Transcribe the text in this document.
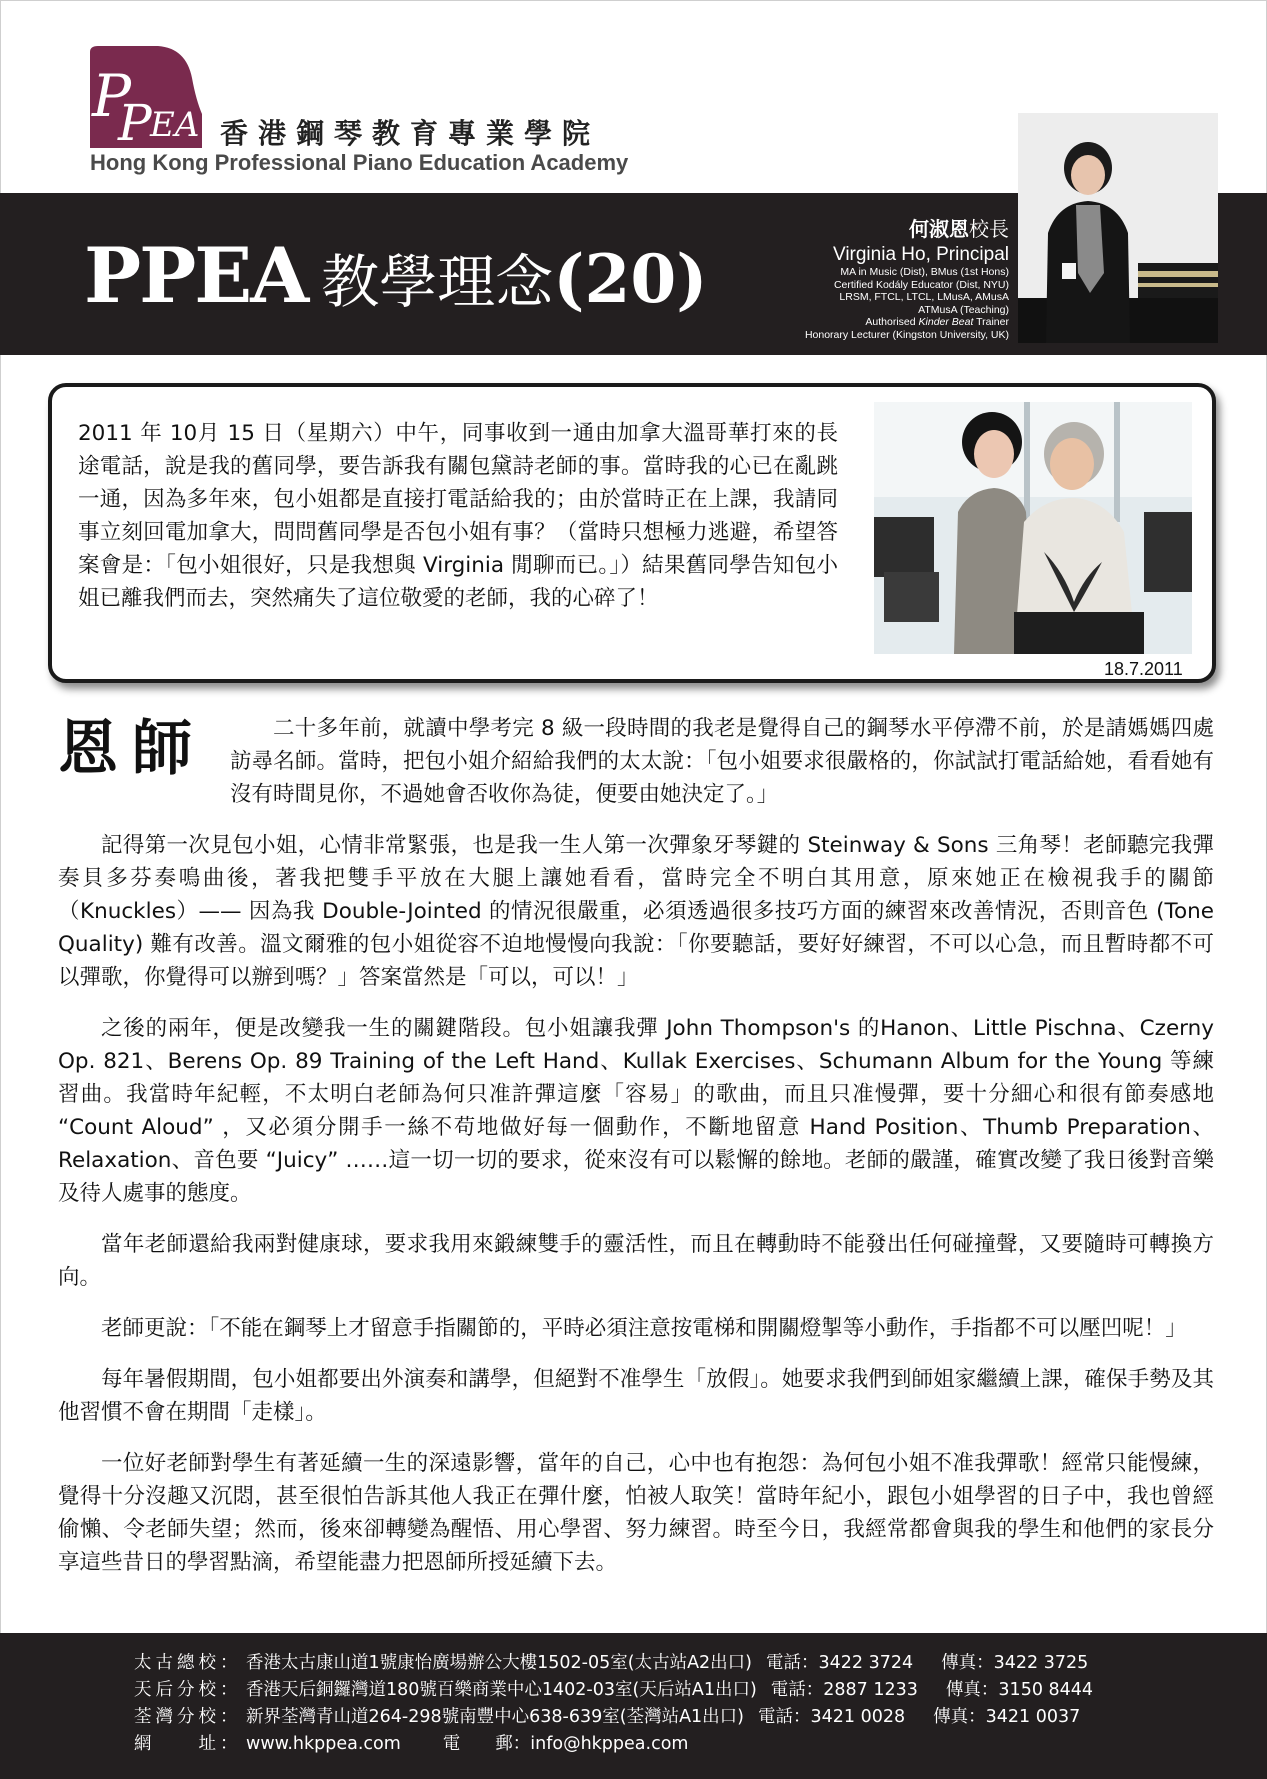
P
P
EA 香港鋼琴教育專業學院
Hong Kong Professional Piano Education Academy
PPEA 教學理念 (20)
何淑恩校長
Virginia Ho, Principal
MA in Music (Dist), BMus (1st Hons)
Certified Kodály Educator (Dist, NYU)
LRSM, FTCL, LTCL, LMusA, AMusA
ATMusA (Teaching)
Authorised Kinder Beat Trainer
Honorary Lecturer (Kingston University, UK)
2011 年 10月 15 日（星期六）中午，同事收到一通由加拿大溫哥華打來的長途電話，說是我的舊同學，要告訴我有關包黛詩老師的事。當時我的心已在亂跳一通，因為多年來，包小姐都是直接打電話給我的；由於當時正在上課，我請同事立刻回電加拿大，問問舊同學是否包小姐有事？（當時只想極力逃避，希望答案會是：「包小姐很好，只是我想與 Virginia 閒聊而已。」）結果舊同學告知包小姐已離我們而去，突然痛失了這位敬愛的老師，我的心碎了！
18.7.2011
恩師	二十多年前，就讀中學考完 8 級一段時間的我老是覺得自己的鋼琴水平停滯不前，於是請媽媽四處訪尋名師。當時，把包小姐介紹給我們的太太說：「包小姐要求很嚴格的，你試試打電話給她，看看她有沒有時間見你，不過她會否收你為徒，便要由她決定了。」

記得第一次見包小姐，心情非常緊張，也是我一生人第一次彈象牙琴鍵的 Steinway & Sons 三角琴！老師聽完我彈奏貝多芬奏鳴曲後，著我把雙手平放在大腿上讓她看看，當時完全不明白其用意，原來她正在檢視我手的關節（Knuckles）—— 因為我 Double-Jointed 的情況很嚴重，必須透過很多技巧方面的練習來改善情況，否則音色 (Tone Quality) 難有改善。溫文爾雅的包小姐從容不迫地慢慢向我說：「你要聽話，要好好練習，不可以心急，而且暫時都不可以彈歌，你覺得可以辦到嗎？」答案當然是「可以，可以！」

之後的兩年，便是改變我一生的關鍵階段。包小姐讓我彈 John Thompson's 的Hanon、Little Pischna、Czerny Op. 821、Berens Op. 89 Training of the Left Hand、Kullak Exercises、Schumann Album for the Young 等練習曲。我當時年紀輕，不太明白老師為何只准許彈這麼「容易」的歌曲，而且只准慢彈，要十分細心和很有節奏感地 “Count Aloud” ，又必須分開手一絲不苟地做好每一個動作，不斷地留意 Hand Position、Thumb Preparation、Relaxation、音色要 “Juicy” ……這一切一切的要求，從來沒有可以鬆懈的餘地。老師的嚴謹，確實改變了我日後對音樂及待人處事的態度。

當年老師還給我兩對健康球，要求我用來鍛練雙手的靈活性，而且在轉動時不能發出任何碰撞聲，又要隨時可轉換方向。

老師更說：「不能在鋼琴上才留意手指關節的，平時必須注意按電梯和開關燈掣等小動作，手指都不可以壓凹呢！」

每年暑假期間，包小姐都要出外演奏和講學，但絕對不准學生「放假」。她要求我們到師姐家繼續上課，確保手勢及其他習慣不會在期間「走樣」。

一位好老師對學生有著延續一生的深遠影響，當年的自己，心中也有抱怨：為何包小姐不准我彈歌！經常只能慢練，覺得十分沒趣又沉悶，甚至很怕告訴其他人我正在彈什麼，怕被人取笑！當時年紀小，跟包小姐學習的日子中，我也曾經偷懶、令老師失望；然而，後來卻轉變為醒悟、用心學習、努力練習。時至今日，我經常都會與我的學生和他們的家長分享這些昔日的學習點滴，希望能盡力把恩師所授延續下去。

太古總校： 香港太古康山道1號康怡廣場辦公大樓1502-05室(太古站A2出口) 電話：3422 3724 傳真：3422 3725
天后分校： 香港天后銅鑼灣道180號百樂商業中心1402-03室(天后站A1出口) 電話：2887 1233 傳真：3150 8444
荃灣分校： 新界荃灣青山道264-298號南豐中心638-639室(荃灣站A1出口) 電話：3421 0028 傳真：3421 0037
網　　址： www.hkppea.com 電　　郵： info@hkppea.com
